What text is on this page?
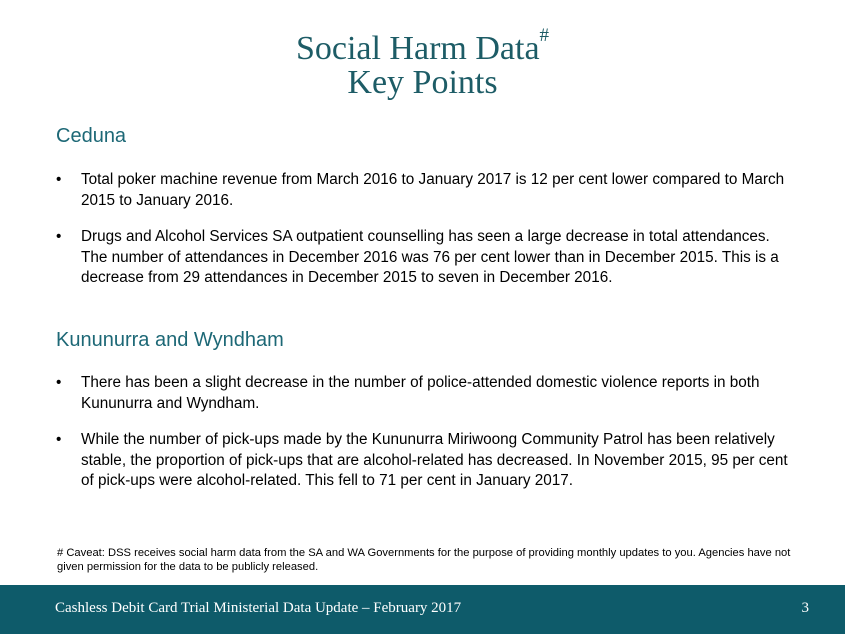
Social Harm Data#
Key Points
Ceduna
• Total poker machine revenue from March 2016 to January 2017 is 12 per cent lower compared to March 2015 to January 2016.
• Drugs and Alcohol Services SA outpatient counselling has seen a large decrease in total attendances. The number of attendances in December 2016 was 76 per cent lower than in December 2015. This is a decrease from 29 attendances in December 2015 to seven in December 2016.
Kununurra and Wyndham
• There has been a slight decrease in the number of police-attended domestic violence reports in both Kununurra and Wyndham.
• While the number of pick-ups made by the Kununurra Miriwoong Community Patrol has been relatively stable, the proportion of pick-ups that are alcohol-related has decreased. In November 2015, 95 per cent of pick-ups were alcohol-related. This fell to 71 per cent in January 2017.
# Caveat: DSS receives social harm data from the SA and WA Governments for the purpose of providing monthly updates to you. Agencies have not given permission for the data to be publicly released.
Cashless Debit Card Trial Ministerial Data Update – February 2017	3
